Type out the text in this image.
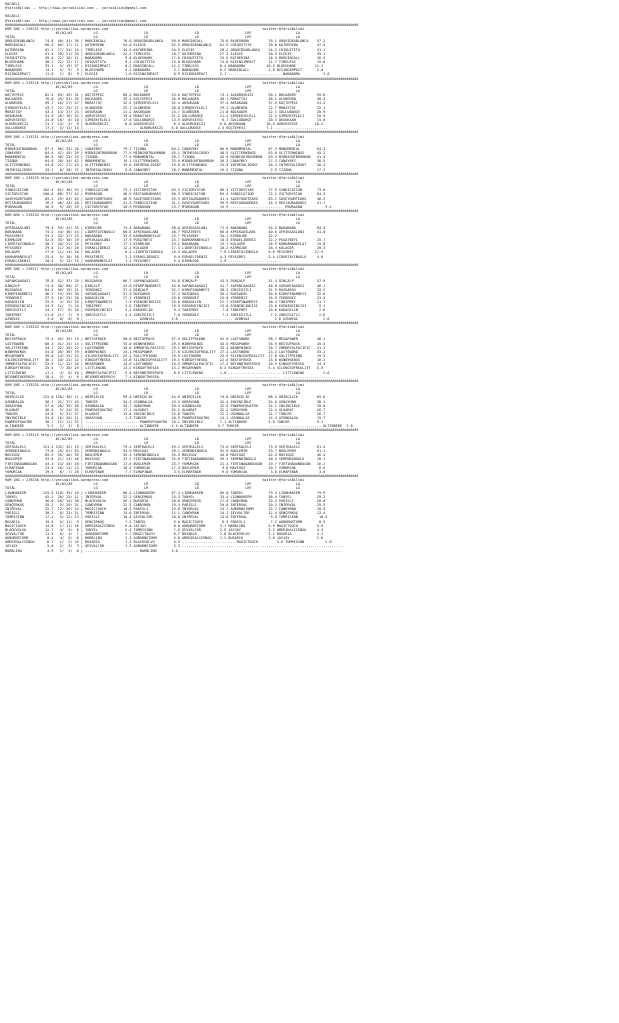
KOCAELI
@YarisBilimi -- http://www.yarisbilimi.com -- yarisbilimi@gmail.com
KOCAELI
@YarisBilimi -- http://www.yarisbilimi.com -- yarisbilimi@gmail.com
################################################################################################################################################################################
KUM 1NG = 219232 http://yarisbilimi.wordpress.com                                                                         twitter:@YarisBilimi
#1/#2/#3          LG                      LR                      LD                      LRF                     LA
TOTAL                                     LG                      LR                      LD                      LRF                     LA
ORQUIDEABLANCA     74.0  40/ 41/ 36 | MARGINCALL        76.6 ORQUIDEABLANCA    59.6 MARGINCALL        75.6 BLUESHARK         76.1 ORQUIDEABLANCA    57.2
MARGINCALL         66.9  69/ 17/ 11 | KATHERINA         54.6 ELEGIE            52.9 ORQUIDEABLANCA    61.9 CHIQUITITA        70.8 KATHERINA         47.5
KATHERINA          62.2  17/ 54/ 15 | TIMELESS          44.5 KATHERINA         34.3 ELEGIE            28.2 ORQUIDEABLANCA    24.2 CHIQUITITA        41.1
ELEGIE             51.4  28/ 21/ 34 | ORQUIDEABLANCA    22.2 TIMELESS          18.7 KATHERINA         27.3 ELEGIE            16.3 ELEGIE            35.1
CHIQUITITA         49.6  21/ 28/ 21 | NABADOMA           9.8 BLUESHARK         17.6 CHIQUITITA        25.5 KATHERINA         16.3 MARGINCALL        16.3
BLUESHARK          38.2  22/ 12/ 17 | CHIQUITITA         9.1 CHIQUITITA        15.8 BLUESHARK         13.8 RISINGIMPACT      11.7 TIMELESS          15.6
TIMELESS           33.1   5/ 19/ 37 | RISINGIMPACT       6.2 MARGINCALL        12.2 TIMELESS          8.4 NABADOMA          10.5 BLUESHARK         11.1
NABADOMA           14.1   5/  9/  9 | BLUESHARK          4.1 NABADOMA           5.1 NABADOMA          6.2 MARGINCALL         2.8 RISINGIMPACT       2.6
RISINGIMPACT       11.6   2/  8/  9 | ELEGIE             1.6 RISINGIMPACT       0.9 RISINGIMPACT      2.1 ......................... NABADOMA           2.6
################################################################################################################################################################################
KUM ARA = 219218 http://yarisbilimi.wordpress.com                                                                         twitter:@YarisBilimi
#1/#2/#3          LG                      LR                      LD                      LRF                     LA
TOTAL                                     LG                      LR                      LD                      LRF                     LA
KOÇTEPESI          82.5  69/ 39/ 31 | KOÇTEPESI         68.2 BOLKADER          53.6 KOÇTEPESI         74.1 ALKURUŞKIZI       50.1 BOLKADER          59.6
BOLKADER           76.0  43/ 53/ 35 | BOLKADER          39.1 KOÇTEPESI         34.6 BOLKADER          40.1 MURATTAY          38.1 ULUBEDEN          48.3
ULUBEDEN           49.7  16/ 27/ 47 | MURATTAY          32.5 ŞIMŞEKYELELI      32.4 AKSUKAAN          37.4 AKSUKAAN          37.5 KOÇTEPESI         41.2
ŞIMŞEKYELELI       43.7  22/ 29/ 27 | ULUBEDEN          25.2 ULUBEDEN          30.8 ŞIMŞEKYELELI      29.1 ULUBEDEN          22.7 MURATTAY          22.1
MURATTAY           43.4  14/ 27/ 23 | AKSUKAAN          21.2 AKSUKAAN          25.7 ULUBEDEN          21.8 BOLKADER          22.1 GÜLLÜBAHÇE        20.9
AKSUKAAN           41.9  26/ 16/ 32 | AGRVESEVGI        19.4 MURATTAY          21.2 GÜLLÜBAHÇE        21.2 ŞIMŞEKYELELI      21.5 ŞIMŞEKYELELI      20.5
AGRVESEVGI         24.8  18/  8/ 10 | ŞIMŞEKYELELI      17.6 GÜLLÜBAHÇE        13.9 AGRVESEVGI         6.7 GÜLLÜBAHÇE        20.3 AKSUKAAN          15.6
ALKURUŞKIZI        21.7  14/  5/  9 | ALKURUŞKIZI        6.8 AGRVESEVGI         6.4 ALKURUŞKIZI       6.0 AKSUKAAN          10.9 AGRVESEVGI        10.2
GÜLLÜBAHÇE         17.3   5/ 12/ 14 | ......................... ALKURUŞKIZI    6.0 GÜLLÜBAHÇE        2.5 KOÇTEPESI          7.1 .........................
################################################################################################################################################################################
KUM 1NG = 219231 http://yarisbilimi.wordpress.com                                                                         twitter:@YarisBilimi
#1/#2/#3          LG                      LR                      LD                      LRF                     LA
TOTAL                                     LG                      LR                      LD                      LRF                     LA
MIDNIGHTBOURBON    87.4  56/ 33/ 26 | CANAYBEY          79.7 TIZONA            64.1 CANAYBEY          80.6 MONUMENTAL        67.3 MONUMENTAL        64.3
CANAYBEY           84.4  47/ 45/ 29 | MIDNIGHTBOURBON   77.9 MIDNIGHTBOURBON   45.1 INTHESOLIDSKY     48.5 GLITTERWINGS      63.0 GLITTERWINGS      45.2
MONUMENTAL         66.5  30/ 23/ 33 | TIZONA            77.4 MONUMENTAL        39.7 TIZONA            45.9 MIDNIGHTBOURBON   49.3 MIDNIGHTBOURBON   41.5
TIZONA             64.8  28/ 34/ 42 | MONUMENTAL        19.1 GLITTERWINGS      33.9 MIDNIGHTBOURBON   36.3 CANAYBEY          27.3 CANAYBEY          36.5
GLITTERWINGS       54.8  21/ 27/ 23 | GLITTERWINGS      19.0 INTHESOLIDSKY     19.6 GLITTERWINGS      25.9 INTHESOLIDSKY     26.4 INTHESOLIDSKY     26.4
INTHESOLIDSKY      43.1   8/ 28/ 37 | INTHESOLIDSKY      5.8 CANAYBEY          18.2 MONUMENTAL        19.5 TIZONA             2.9 TIZONA            17.2
################################################################################################################################################################################
KUM 1NG = 219229 http://yarisbilimi.wordpress.com                                                                         twitter:@YarisBilimi
#1/#2/#3          LG                      LR                      LD                      LRF                     LA
TOTAL                                     LG                      LR                      LD                      LRF                     LA
SYNDICATION       102.4  62/ 38/ 53 | SYNDICATION       73.1 VICTORYSTAR       63.3 VICTORYSTAR       66.3 VICTORYSTAR       77.5 SYNDICATION       73.6
VICTORYSTAR       100.0  68/ 37/ 42 | MYDRAGON          46.9 RESTAURADORES     60.5 SYNDICATION       65.4 SYNDICATION       72.2 VICTORYSTAR       64.3
SAVEYOURTEARS      85.2  29/ 63/ 45 | SAVEYOURTEARS     46.9 SAVEYOURTEARS     53.3 RESTAURADORES     41.4 SAVEYOURTEARS     63.1 SAVEYOURTEARS     46.2
RESTAURADORES      76.5  40/ 43/ 40 | RESTAURADORES     41.3 SYNDICATION       31.1 SAVEYOURTEARS     39.9 RESTAURADORES     16.3 RESTAURADORES     41.7
MYDRAGON           36.5   9/ 28/ 29 | VICTORYSTAR       20.9 MYDRAGON          23.7 MYDRAGON          15.9 ......................... MYDRAGON           3.2
################################################################################################################################################################################
KUM ARA = 219234 http://yarisbilimi.wordpress.com                                                                         twitter:@YarisBilimi
#1/#2/#3          LG                      LR                      LD                      LRF                     LA
TOTAL                                     LG                      LR                      LD                      LRF                     LA
AFRIKAASLANI       79.4  59/ 41/ 33 | KIRMÜJDE          74.4 BAKABABA          58.6 AFRIKAASLANI      71.5 BAKABABA          54.2 BAKABABA          64.4
BAKABABA           74.2  44/ 36/ 44 | LIDERTAYINOĞLU    60.5 AFRIKAASLANI      48.7 PUSATBEYI         66.0 AFRIKAASLANI      40.6 AFRIKAASLANI      41.8
PUSATBEYI          53.2  33/ 37/ 23 | BAKABABA          33.9 KAHRAMANEVLAT     23.7 PEYAZBEY          34.1 KIRMÜJDE          32.2
KIRMÜJDE           52.8  35/ 30/ 19 | AFRIKAASLANI      17.9 PUSATBEYI         23.7 KAHRAMANEVLAT     18.5 ESRAELIDENIZ      22.2 PUSATBEYI         25.7
LIDERTAYINOĞLU     38.7  26/ 21/ 16 | PEYAZBEY          17.3 KIRMÜJDE          19.2 BAKABABA          13.7 KULAGER           26.9 KAHRAMANEVLAT     15.8
PEYAZBEY           29.4  11/ 26/ 20 | ESRAELIDENIZ      12.2 KULAGER           17.3 LIDERTAYINOĞLU    10.2 KIRMÜJDE          26.3 KULAGER           20.3
KULAGER            27.6  11/ 14/ 20 | KULAGER            8.3 LIDERTAYINOĞLU    16.3 KULAGER           7.9 LIDERTAYINOĞLU     9.0 PEYAZBEY          17.9
KAHRAMANEVLAT      25.4   5/ 10/ 38 | PUSATBEYI          3.3 ESRAELIDENIZ       9.4 ESRAELIDENIZ      4.3 PEYAZBEY           5.4 LIDERTAYINOĞLU     4.8
ESRAELIDENIZ       20.4   5/ 13/ 15 | KAHRAMANEVLAT      1.2 PEYAZBEY           9.4 KIRMÜJDE          2.9 .........................
################################################################################################################################################################################
KUM 1NG = 219217 http://yarisbilimi.wordpress.com                                                                         twitter:@YarisBilimi
#1/#2/#3          LG                      LR                      LD                      LRF                     LA
TOTAL                                     LG                      LR                      LD                      LRF                     LA
SAPANCAAĞASI       78.8  52/ 37/ 29 | RÜZGARSU          66.7 SAPANCAAĞASI      54.8 DINÇALP           43.5 DINÇALP           51.4 DINÇALP           57.9
DINÇALP            74.0  30/ 60/ 27 | DINÇALP           43.0 KIRKPINARBEYI     43.0 SAPANCAAĞASI      41.7 SAPANCAAĞASI      46.8 SAPANCAAĞASI      46.1
RÜZGARSU           64.5  50/ 19/ 21 | YERDENIZ          37.4 DINÇALP           32.7 KIRKPINARBEYI     38.2 ZORCEĞITLI        31.9 RÜZGARSU          33.2
KIRKPINARBEYI      46.2  19/ 29/ 30 | SAPANCAAĞASI      31.9 RÜZGARSU          27.3 RÜZGARSU          26.2 RÜZGARSU          30.0 KIRKPINARBEYI     32.6
YERDENIZ           37.9  16/ 23/ 20 | KARAGELIN         27.1 YERDENIZ          25.0 YERDENIZ          25.0 YERDENIZ          16.9 YERDENIZ          23.5
KARAGELIN          25.9   3/ 15/ 33 | KIRKPINARBEYI      7.9 EGENINCINCISI     19.8 KARAGELIN         22.7 KIRKPINARBEYI     16.3 TABIPBEY          11.7
EGENINCINCISI      24.9  11/  7/ 24 | TABIPBEY           5.6 TABIPBEY          19.3 EGENINCINCISI     13.0 EGENINCINCISI     13.0 EGENINCINCISI      9.1
ZORCEĞITLI         24.1  17/  8/ 10 | EGENINCINCISI      5.2 KARAGELIN          9.4 TABIPBEY           7.0 TABIPBEY          10.6 KARAGELIN          2.6
TABIPBEY           21.6  11/  7/  9 | ZORCEĞITLI         4.5 ZORCEĞITLI         7.8 YERDENIZ           7.2 ZORCEĞITLI         7.2 ZORCEĞITLI         2.6
UZUNYAZ             3.0   0/  0/  6 | ......................... UZUNYAZ        2.6 ......................... UZUNYAZ            2.6 UZUNYAZ            2.6
################################################################################################################################################################################
KUM 1NG = 219233 http://yarisbilimi.wordpress.com                                                                         twitter:@YarisBilimi
#1/#2/#3          LG                      LR                      LD                      LRF                     LA
TOTAL                                     LG                      LR                      LD                      LRF                     LA
BESTOFROCK         75.4  45/ 29/ 15 | BESTOFROCK        50.0 BESTOFROCK        57.4 SOLITFRIEND       52.0 LASTSWORD         98.7 MEGAPOWER         48.1
LASTSWORD          60.3  41/ 25/ 15 | SOLITFRIEND       33.8 WINNYWINGS        29.5 WINNYWINGS        43.5 MEGAPOWER         34.5 BESTOFROCK        45.5
SOLITFRIEND        54.7  32/ 30/ 22 | LASTSWORD         30.6 IMMORTALPACIFIC   29.1 BESTOFROCK        33.3 WINNYWINGS        26.7 IMMORTALPACIFIC   41.2
WINNYWINGS         54.0  20/ 30/ 39 | WINNYWINGS        25.1 MEGAPOWER         27.6 SILENCEOFREALITY  27.4 LASTSWORD         23.3 LASTSWORD         33.2
MEGAPOWER          39.0  14/ 25/ 25 | SILENCEOFREALITY  25.1 SOLITFRIEND       19.9 LASTSWORD         25.9 SILENCEOFREALITY  17.6 SOLITFRIEND       19.5
SILENCEOFREALITY   36.1  10/ 22/ 22 | KINGOFTHESEA      23.8 SILENCEOFREALITY  19.1 KINGOFTHESEA      22.6 BESTOFROCK        15.0 WINNYWINGS        16.2
IMMORTALPACIFIC    33.9  11/ 22/ 26 | MEGAPOWER         14.6 LASTSWORD         16.5 IMMORTALPACIFIC   17.2 BEYONDTHEEPOCH    10.5 KINGOFTHESEA      14.3
KINGOFTHESEA       25.5   7/ 20/ 19 | LITTLEWING        13.2 KINGOFTHESEA      13.2 MEGAPOWER         6.3 KINGOFTHESEA       9.4 SILENCEOFREALITY   5.9
LITTLEWING         11.2   4/  6/ 10 | IMMORTALPACIFIC    9.4 BEYONDTHEEPOCH     8.9 LITTLEWING        1.0 ......................... LITTLEWING         2.6
BEYONDTHEEPOCH     10.4   5/  4/  6 | BEYONDTHEEPOCH     7.1 KINGOFTHESEA       ......................... ......................... .........................
################################################################################################################################################################################
KUM 1NG = 219235 http://yarisbilimi.wordpress.com                                                                         twitter:@YarisBilimi
#1/#2/#3          LG                      LR                      LD                      LRF                     LA
TOTAL                                     LG                      LR                      LD                      LRF                     LA
OBIRÇELIK         125.0 120/ 30/ 11 | OBIRÇELIK         99.4 OBIRÇELIK         44.6 OBIRÇELIK         74.0 OBIRÇELIK         88.3 OBIRÇELIK         65.6
UZUNDALGA          58.7  21/ 37/ 43 | TUNCER            54.3 UZUNDALGA         43.2 GÜRAYHAN          42.4 INVINCIBLE        52.0 GÜRAYHAN          38.1
GÜRAYHAN           57.0  26/ 35/ 30 | UZUNDALGA         43.7 GÜRAYHAN          39.4 UZUNDALGA         32.5 POWEROFQUATRO     24.1 INVINCIBLE        28.6
ULUARAT            46.5   9/ 24/ 52 | POWEROFQUATRO     17.1 ULUARAT           32.2 ULUARAT           32.2 GÜRAYHAN          22.4 ULUARAT           26.7
TUNCER             43.8   5/ 37/ 37 | ULUARAT           13.6 INVINCIBLE        23.8 TUNCER            22.2 UZUNDALGA         21.7 TUNCER            26.7
INVINCIBLE         34.6  16/ 20/ 11 | GÜRAYHAN           1.3 TUNCER            20.9 POWEROFQUATRO     14.1 UZUNDALGA         14.4 UZUNDALGA         15.7
POWEROFQUATRO      30.7  11/ 11/ 32 | ......................... POWEROFQUATRO  19.1 INVINCIBLE        7.1 ALTINDERE          5.8 TUNCER             9.1
ALTINDERE           5.2   1/  2/  8 | ......................... ALTINDERE      4.4 ALTINDERE         5.7 TUNCER              ......................... ALTINDERE  2.6
################################################################################################################################################################################
KUM ARA = 219219 http://yarisbilimi.wordpress.com                                                                         twitter:@YarisBilimi
#1/#2/#3          LG                      LR                      LD                      LRF                     LA
TOTAL                                     LG                      LR                      LD                      LRF                     LA
SERTKALELI        121.3 132/ 32/ 19 | SERTKALELI        79.2 SERTKALELI        49.1 SERTKALELI        73.6 SERTKALELI        73.9 SERTKALELI        61.5
SEMENDINOĞLU       73.8  18/ 61/ 63 | SEMENDINOĞLU      54.9 MAVIGÖZ           49.1 SEMENDINOĞLU      52.9 BÜĞLEMIM          53.7 BÜĞLEMIM          61.1
MAVIGÖZ            65.9  35/ 46/ 39 | BÜĞLEMIM          35.3 SEMENDINOĞLU      35.4 MAVIGÖZ           44.8 MAVIGÖZ           42.4 MAVIGÖZ           46.4
BÜĞLEMIM           53.8  21/ 24/ 46 | MAVIGÖZ           23.3 FIRTINADANDOĞAN   32.0 FIRTINADANDOĞAN   39.2 SEMENDINOĞLU      30.5 SEMENDINOĞLU      28.1
FIRTINADANDOĞAN    43.3  15/ 45/ 20 | FIRTINADANDOĞAN   17.6 BÜĞLEMIM          23.7 YUMURCAK          21.4 FIRTINADANDOĞAN   19.7 FIRTINADANDOĞAN   16.2
ELMAPINAR          23.4  10/ 11/ 13 | YUMURCAK          10.5 YUMURCAK          17.4 BÜĞLEMIM           9.0 MAVIGÖZ           10.7 YUMURCAK           6.6
YUMURCAK           19.5   6/  7/ 28 | ELMAPINAR          7.7 ELMAPINAR          3.5 ELMAPINAR          9.0 YUMURCAK           3.0 ELMAPINAR          3.0
################################################################################################################################################################################
KUM 1NG = 219230 http://yarisbilimi.wordpress.com                                                                         twitter:@YarisBilimi
#1/#2/#3          LG                      LR                      LD                      LRF                     LA
TOTAL                                     LG                      LR                      LD                      LRF                     LA
LIONHAKEEM        125.5 118/ 35/ 16 | LIONHAKEEM        80.5 LIONHAKEEM        67.4 LIONHAKEEM        85.0 TANYEL            79.3 LIONHAKEEM        79.9
TANYEL             45.2  28/ 23/ 11 | INTERVAL          32.2 GENÇERKUŞ         33.3 TANYEL            33.4 LIONHAKEEM        36.4 TANYEL            29.3
CANDYMAN           36.0  10/ 14/ 38 | BLACKVOLVO        26.1 BUSARIA           20.8 GENÇERKUŞ         27.9 CANDYMAN          33.2 PARISLI           28.6
GENÇERKUŞ          35.1   5/ 29/ 31 | CANDYMAN          22.5 CANDYMAN          19.4 PARISLI           20.6 INTERVAL          20.2 INTERVAL          25.5
INTERVAL           32.7  12/ 26/ 14 | MAGICTOUCH        16.3 PARISLI           15.0 INTERVAL          15.7 AUBURNSTORM       15.7 CANDYMAN          18.9
PARISLI            30.2   8/ 23/ 21 | TOMRISINN         14.0 INTERVAL          12.1 CANDYMAN          14.1 ŞEVVALTOR         12.4 GENÇERKUŞ         12.4
TOMRISINN          17.2   5/ 12/ 13 | PARISLI           10.4 ŞEVVALTOR         10.8 INTERVAL          13.0 INTERVAL           9.0 TOMRISINN          10.5
BUSARIA            15.5   5/ 11/  9 | GENÇERKUŞ          7.2 TANYEL             9.0 MAGICTOUCH         8.3 PARISLI            7.2 AUBURNSTORM        8.5
MAGICTOUCH         14.6   1/ 11/ 16 | AMERIKALICENGO     6.6 JAYJAY             8.0 AUBURNSTORM       3.1 MARBLING           5.9 MAGICTOUCH         5.9
BLACKVOLVO         12.7   4/  9/  8 | TANYEL             5.4 TOMRISINN          7.6 ŞEVVALTOR         2.9 JAYJAY             3.2 AMERIKALICENGO     4.3
ŞEVVALTOR          11.3   6/  4/  7 | AUBURNSTORM        2.7 MAGICTOUCH         6.7 BUSARIA           2.6 BLACKVOLVO         3.2 BUSARIA            3.2
AUBURNSTORM         8.4   4/  5/  6 | MARBLING           2.3 AUBURNSTORM        5.0 AMERIKALICENGO    1.2 BUSARIA            2.6 JAYJAY             2.6
AMERIKALICENGO      6.7   1/  2/ 10 | BUSARIA            1.3 BLACKVOLVO         4.3 ......................... MAGICTOUCH         2.6 TOMRISINN          2.6
JAYJAY              5.0   2/  3/  3 | ŞEVVALTOR          1.3 AUBURNSTORM        3.3 ......................... ......................... .........................
MARBLING            4.9   1/  2/  6 | ......................... MARBLING       2.0 ......................... ......................... .........................
